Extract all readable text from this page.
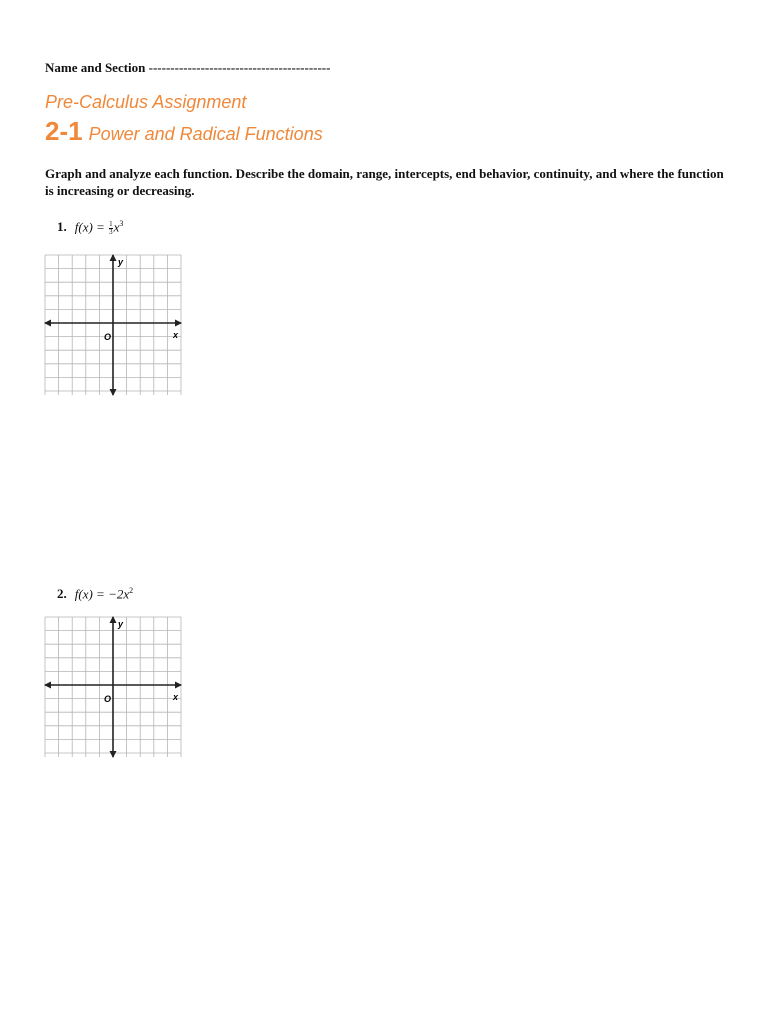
Name and Section ------------------------------------------
Pre-Calculus Assignment
2-1 Power and Radical Functions
Graph and analyze each function. Describe the domain, range, intercepts, end behavior, continuity, and where the function is increasing or decreasing.
1. $f(x) = \frac{1}{3} x^3$
O	x
y
2. $f(x) = -2x^2$
O	x
y
